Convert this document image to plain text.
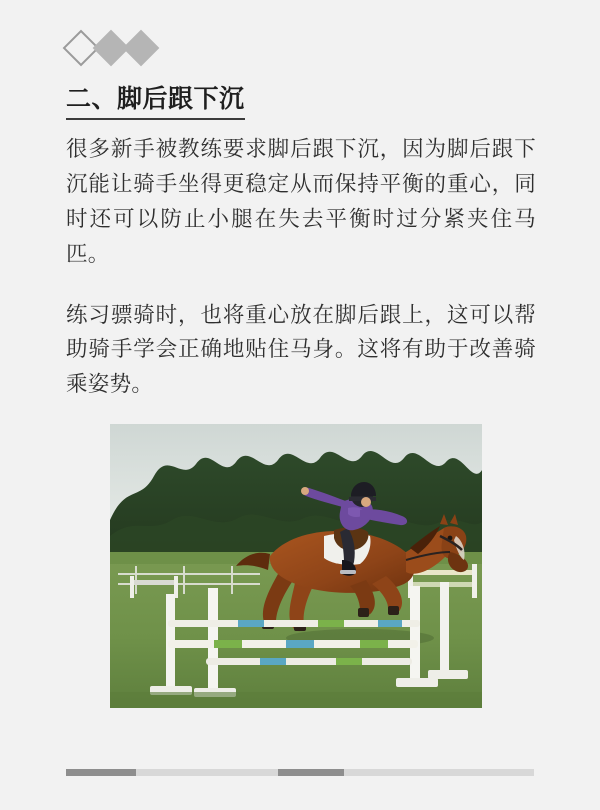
二、脚后跟下沉

很多新手被教练要求脚后跟下沉，因为脚后跟下沉能让骑手坐得更稳定从而保持平衡的重心，同时还可以防止小腿在失去平衡时过分紧夹住马匹。

练习骠骑时，也将重心放在脚后跟上，这可以帮助骑手学会正确地贴住马身。这将有助于改善骑乘姿势。
